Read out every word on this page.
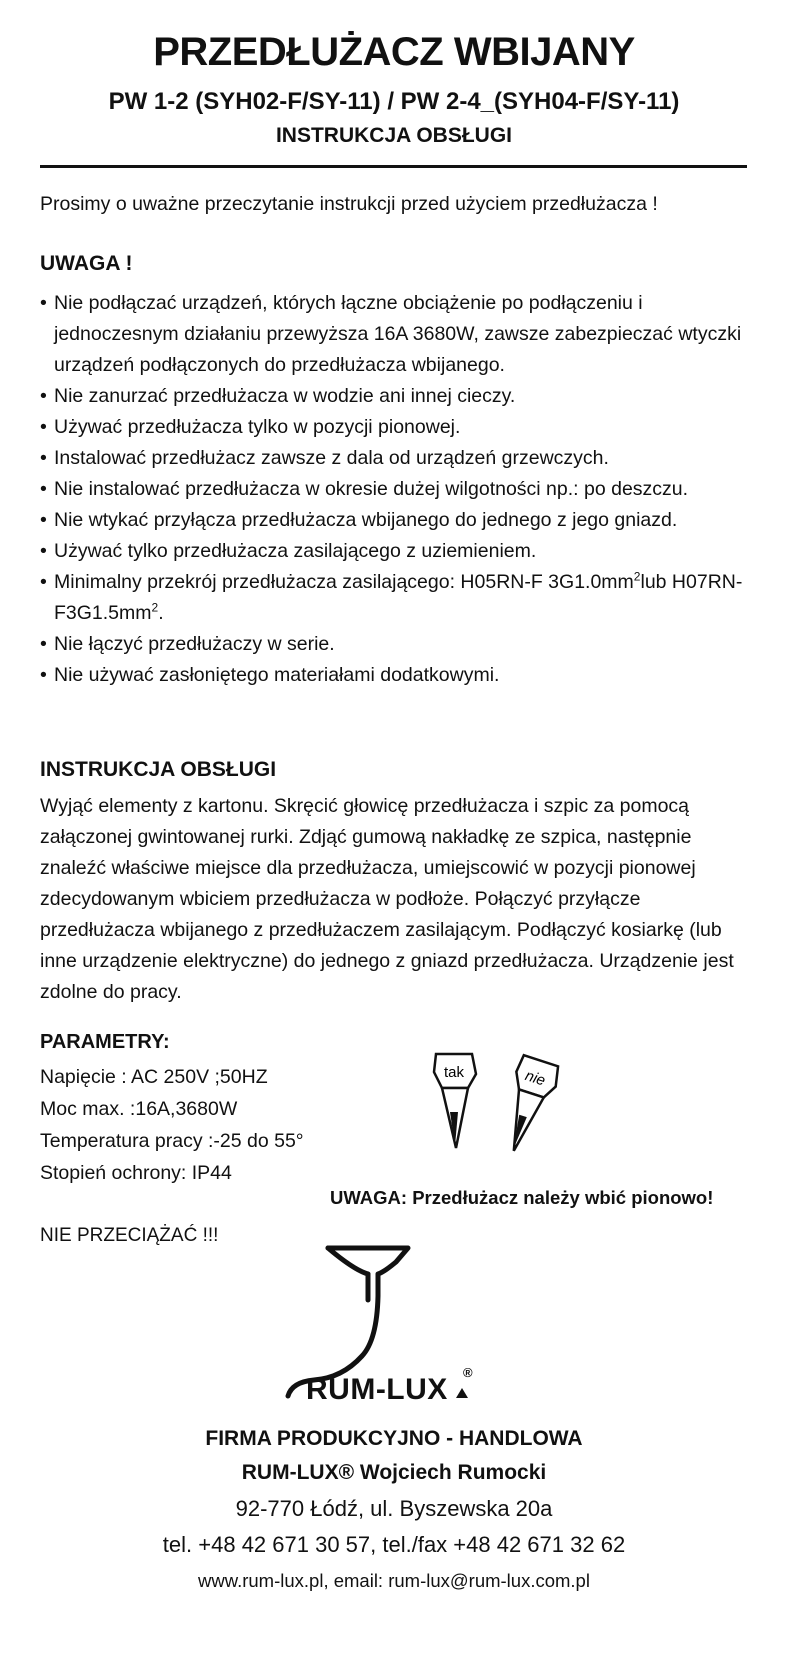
PRZEDŁUŻACZ WBIJANY
PW 1-2 (SYH02-F/SY-11) / PW 2-4_(SYH04-F/SY-11)
INSTRUKCJA OBSŁUGI
Prosimy o uważne przeczytanie instrukcji przed użyciem przedłużacza !
UWAGA !
• Nie podłączać urządzeń, których łączne obciążenie po podłączeniu i jednoczesnym działaniu przewyższa 16A 3680W, zawsze zabezpieczać wtyczki urządzeń podłączonych do przedłużacza wbijanego.
• Nie zanurzać przedłużacza w wodzie ani innej cieczy.
• Używać przedłużacza tylko w pozycji pionowej.
• Instalować przedłużacz zawsze z dala od urządzeń grzewczych.
• Nie instalować przedłużacza w okresie dużej wilgotności np.: po deszczu.
• Nie wtykać przyłącza przedłużacza wbijanego do jednego z jego gniazd.
• Używać tylko przedłużacza zasilającego z uziemieniem.
• Minimalny przekrój przedłużacza zasilającego: H05RN-F $3G1.0mm^2lub$ $H07RN-F3G1.5mm^2$.
• Nie łączyć przedłużaczy w serie.
• Nie używać zasłoniętego materiałami dodatkowymi.
INSTRUKCJA OBSŁUGI
Wyjąć elementy z kartonu. Skręcić głowicę przedłużacza i szpic za pomocą załączonej gwintowanej rurki. Zdjąć gumową nakładkę ze szpica, następnie znaleźć właściwe miejsce dla przedłużacza, umiejscowić w pozycji pionowej zdecydowanym wbiciem przedłużacza w podłoże. Połączyć przyłącze przedłużacza wbijanego z przedłużaczem zasilającym. Podłączyć kosiarkę (lub inne urządzenie elektryczne) do jednego z gniazd przedłużacza. Urządzenie jest zdolne do pracy.
PARAMETRY:
Napięcie : AC 250V ;50HZ
Moc max. :16A,3680W
Temperatura pracy :-25 do 55°
Stopień ochrony: IP44
NIE PRZECIĄŻAĆ !!!
tak	nie
UWAGA: Przedłużacz należy wbić pionowo!
RUM-LUX
®
FIRMA PRODUKCYJNO - HANDLOWA
RUM-LUX® Wojciech Rumocki
92-770 Łódź, ul. Byszewska 20a
tel. +48 42 671 30 57, tel./fax +48 42 671 32 62
www.rum-lux.pl, email: rum-lux@rum-lux.com.pl
